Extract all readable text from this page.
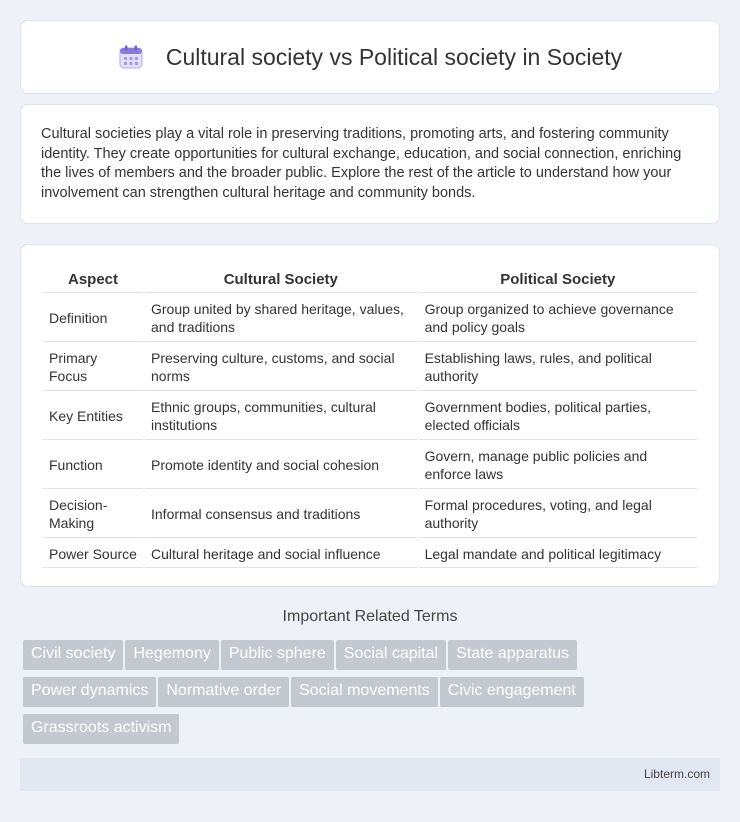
Cultural society vs Political society in Society

Cultural societies play a vital role in preserving traditions, promoting arts, and fostering community identity. They create opportunities for cultural exchange, education, and social connection, enriching the lives of members and the broader public. Explore the rest of the article to understand how your involvement can strengthen cultural heritage and community bonds.

Aspect	Cultural Society	Political Society
Definition	Group united by shared heritage, values, and traditions	Group organized to achieve governance and policy goals
Primary Focus	Preserving culture, customs, and social norms	Establishing laws, rules, and political authority
Key Entities	Ethnic groups, communities, cultural institutions	Government bodies, political parties, elected officials
Function	Promote identity and social cohesion	Govern, manage public policies and enforce laws
Decision-Making	Informal consensus and traditions	Formal procedures, voting, and legal authority
Power Source	Cultural heritage and social influence	Legal mandate and political legitimacy
Important Related Terms
Civil society Hegemony Public sphere Social capital State apparatus
Power dynamics Normative order Social movements Civic engagement
Grassroots activism
Libterm.com
